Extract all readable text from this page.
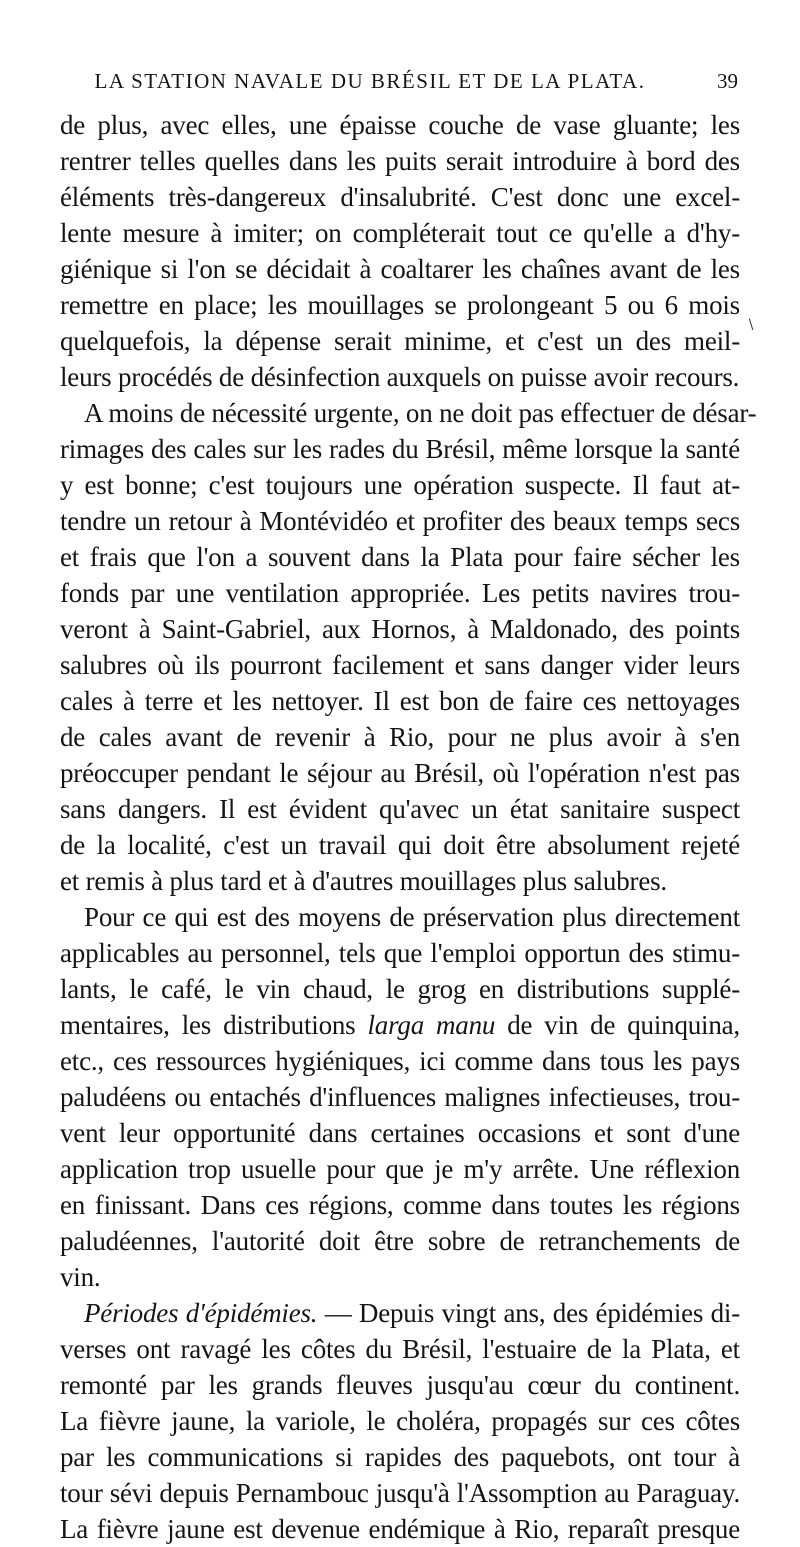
LA STATION NAVALE DU BRÉSIL ET DE LA PLATA.	39
∖
de plus, avec elles, une épaisse couche de vase gluante; les
rentrer telles quelles dans les puits serait introduire à bord des
éléments très-dangereux d'insalubrité. C'est donc une excel-
lente mesure à imiter; on compléterait tout ce qu'elle a d'hy-
giénique si l'on se décidait à coaltarer les chaînes avant de les
remettre en place; les mouillages se prolongeant 5 ou 6 mois
quelquefois, la dépense serait minime, et c'est un des meil-
leurs procédés de désinfection auxquels on puisse avoir recours.
A moins de nécessité urgente, on ne doit pas effectuer de désar-
rimages des cales sur les rades du Brésil, même lorsque la santé
y est bonne; c'est toujours une opération suspecte. Il faut at-
tendre un retour à Montévidéo et profiter des beaux temps secs
et frais que l'on a souvent dans la Plata pour faire sécher les
fonds par une ventilation appropriée. Les petits navires trou-
veront à Saint-Gabriel, aux Hornos, à Maldonado, des points
salubres où ils pourront facilement et sans danger vider leurs
cales à terre et les nettoyer. Il est bon de faire ces nettoyages
de cales avant de revenir à Rio, pour ne plus avoir à s'en
préoccuper pendant le séjour au Brésil, où l'opération n'est pas
sans dangers. Il est évident qu'avec un état sanitaire suspect
de la localité, c'est un travail qui doit être absolument rejeté
et remis à plus tard et à d'autres mouillages plus salubres.
Pour ce qui est des moyens de préservation plus directement
applicables au personnel, tels que l'emploi opportun des stimu-
lants, le café, le vin chaud, le grog en distributions supplé-
mentaires, les distributions larga manu de vin de quinquina,
etc., ces ressources hygiéniques, ici comme dans tous les pays
paludéens ou entachés d'influences malignes infectieuses, trou-
vent leur opportunité dans certaines occasions et sont d'une
application trop usuelle pour que je m'y arrête. Une réflexion
en finissant. Dans ces régions, comme dans toutes les régions
paludéennes, l'autorité doit être sobre de retranchements de
vin.
Périodes d'épidémies. — Depuis vingt ans, des épidémies di-
verses ont ravagé les côtes du Brésil, l'estuaire de la Plata, et
remonté par les grands fleuves jusqu'au cœur du continent.
La fièvre jaune, la variole, le choléra, propagés sur ces côtes
par les communications si rapides des paquebots, ont tour à
tour sévi depuis Pernambouc jusqu'à l'Assomption au Paraguay.
La fièvre jaune est devenue endémique à Rio, reparaît presque
